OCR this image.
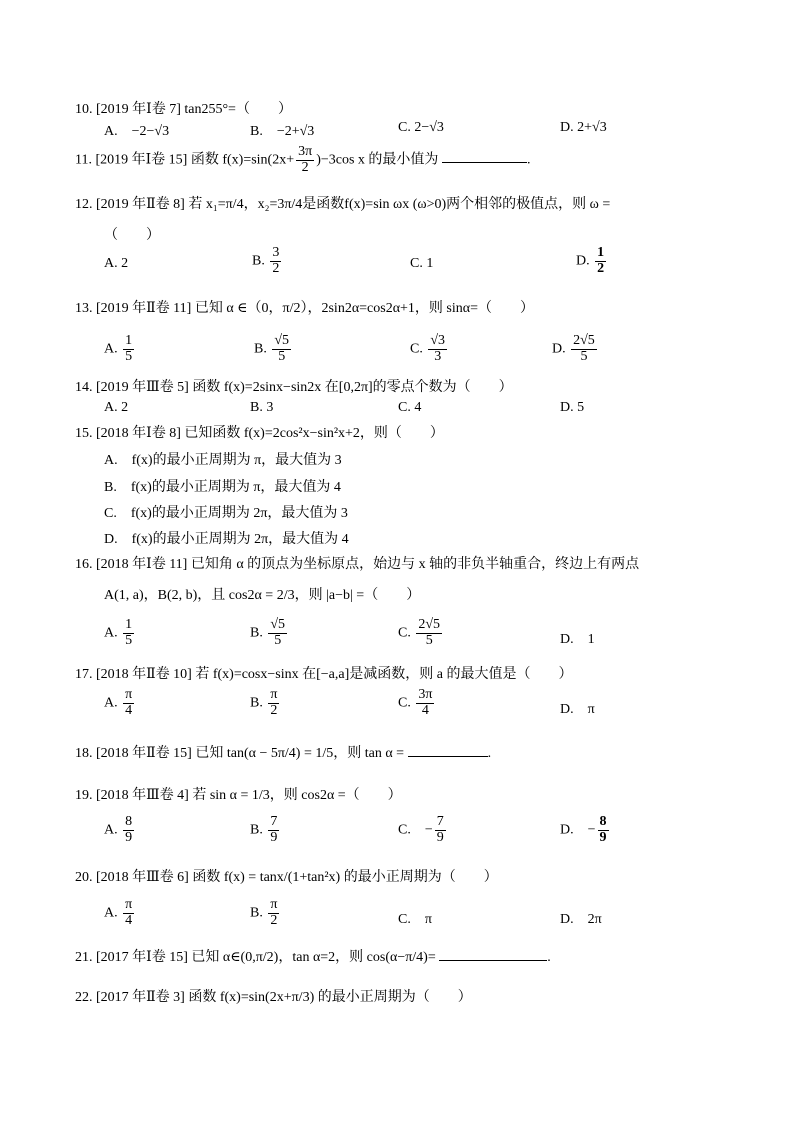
10. [2019 年Ⅰ卷 7] tan255°=（　　）
A.　−2−√3	B.　−2+√3	C. 2−√3	D. 2+√3
11. [2019 年Ⅰ卷 15] 函数 $f(x)=\sin(2x+ \frac{3\pi}{2} )-3\cos$ x 的最小值为	.
12. [2019 年Ⅱ卷 8] 若 x₁=π/4，x₂=3π/4是函数f(x)=sin ωx (ω>0)两个相邻的极值点，则 ω =
（　　）
A. 2	B. $\frac{3}{2}$	C. 1	D. $\frac{1}{2}$
13. [2019 年Ⅱ卷 11] 已知 α ∈（0，π/2），2sin2α=cos2α+1，则 sinα=（　　）
A. $\frac{1}{5}$	B. $\frac{√5}{5}$	C. $\frac{√3}{3}$	D. $\frac{2√5}{5}$
14. [2019 年Ⅲ卷 5] 函数 f(x)=2sinx−sin2x 在[0,2π]的零点个数为（　　）
A. 2	B. 3	C. 4	D. 5
15. [2018 年Ⅰ卷 8] 已知函数 f(x)=2cos²x−sin²x+2，则（　　）
A.　f(x)的最小正周期为 π，最大值为 3
B.　f(x)的最小正周期为 π，最大值为 4
C.　f(x)的最小正周期为 2π，最大值为 3
D.　f(x)的最小正周期为 2π，最大值为 4
16. [2018 年Ⅰ卷 11] 已知角 α 的顶点为坐标原点，始边与 x 轴的非负半轴重合，终边上有两点
A(1, a)，B(2, b)，且 cos2α = 2/3，则 |a−b| =（　　）
A. $\frac{1}{5}$	B. $\frac{√5}{5}$	C. $\frac{2√5}{5}$	D.　1
17. [2018 年Ⅱ卷 10] 若 f(x)=cosx−sinx 在[−a,a]是减函数，则 a 的最大值是（　　）
A. $\frac{\pi}{4}$	B. $\frac{\pi}{2}$	C. $\frac{3\pi}{4}$	D.　π
18. [2018 年Ⅱ卷 15] 已知 tan(α − 5π/4) = 1/5，则 tan α =	.
19. [2018 年Ⅲ卷 4] 若 sin α = 1/3，则 cos2α =（　　）
A. $\frac{8}{9}$	B. $\frac{7}{9}$	C.　− $\frac{7}{9}$	D.　− $\frac{8}{9}$
20. [2018 年Ⅲ卷 6] 函数 f(x) = tanx/(1+tan²x) 的最小正周期为（　　）
A. $\frac{\pi}{4}$	B. $\frac{\pi}{2}$	C.　π	D.　2π
21. [2017 年Ⅰ卷 15] 已知 α∈(0,π/2)，tan α=2，则 cos(α−π/4)=	.
22. [2017 年Ⅱ卷 3] 函数 f(x)=sin(2x+π/3) 的最小正周期为（　　）
